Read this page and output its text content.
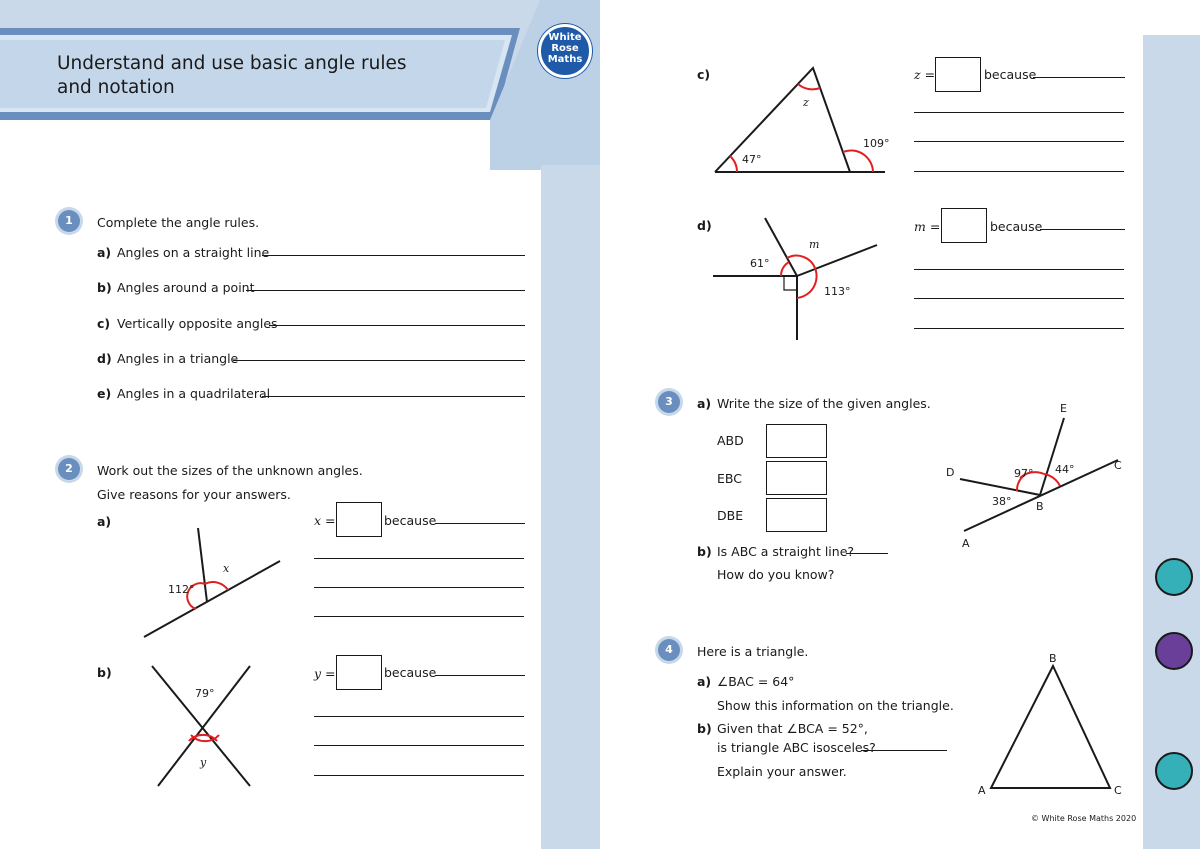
Understand and use basic angle rules
and notation
White
Rose
Maths
1	Complete the angle rules.
a) Angles on a straight line
b) Angles around a point
c) Vertically opposite angles
d) Angles in a triangle
e) Angles in a quadrilateral
2	Work out the sizes of the unknown angles.
Give reasons for your answers.
a)
112°
x
x =	because
b)
79°
y
y =	because
c)
47°
109°
z
z =	because
d)
61°
113°
m
m =	because
3	a) Write the size of the given angles.
ABD
EBC
DBE
b) Is ABC a straight line?
How do you know?
E
D
C
B
A
97° 44°
38°
4	Here is a triangle.
a) ∠BAC = 64°
Show this information on the triangle.
b) Given that ∠BCA = 52°,
is triangle ABC isosceles?
Explain your answer.
B
A	C
© White Rose Maths 2020
